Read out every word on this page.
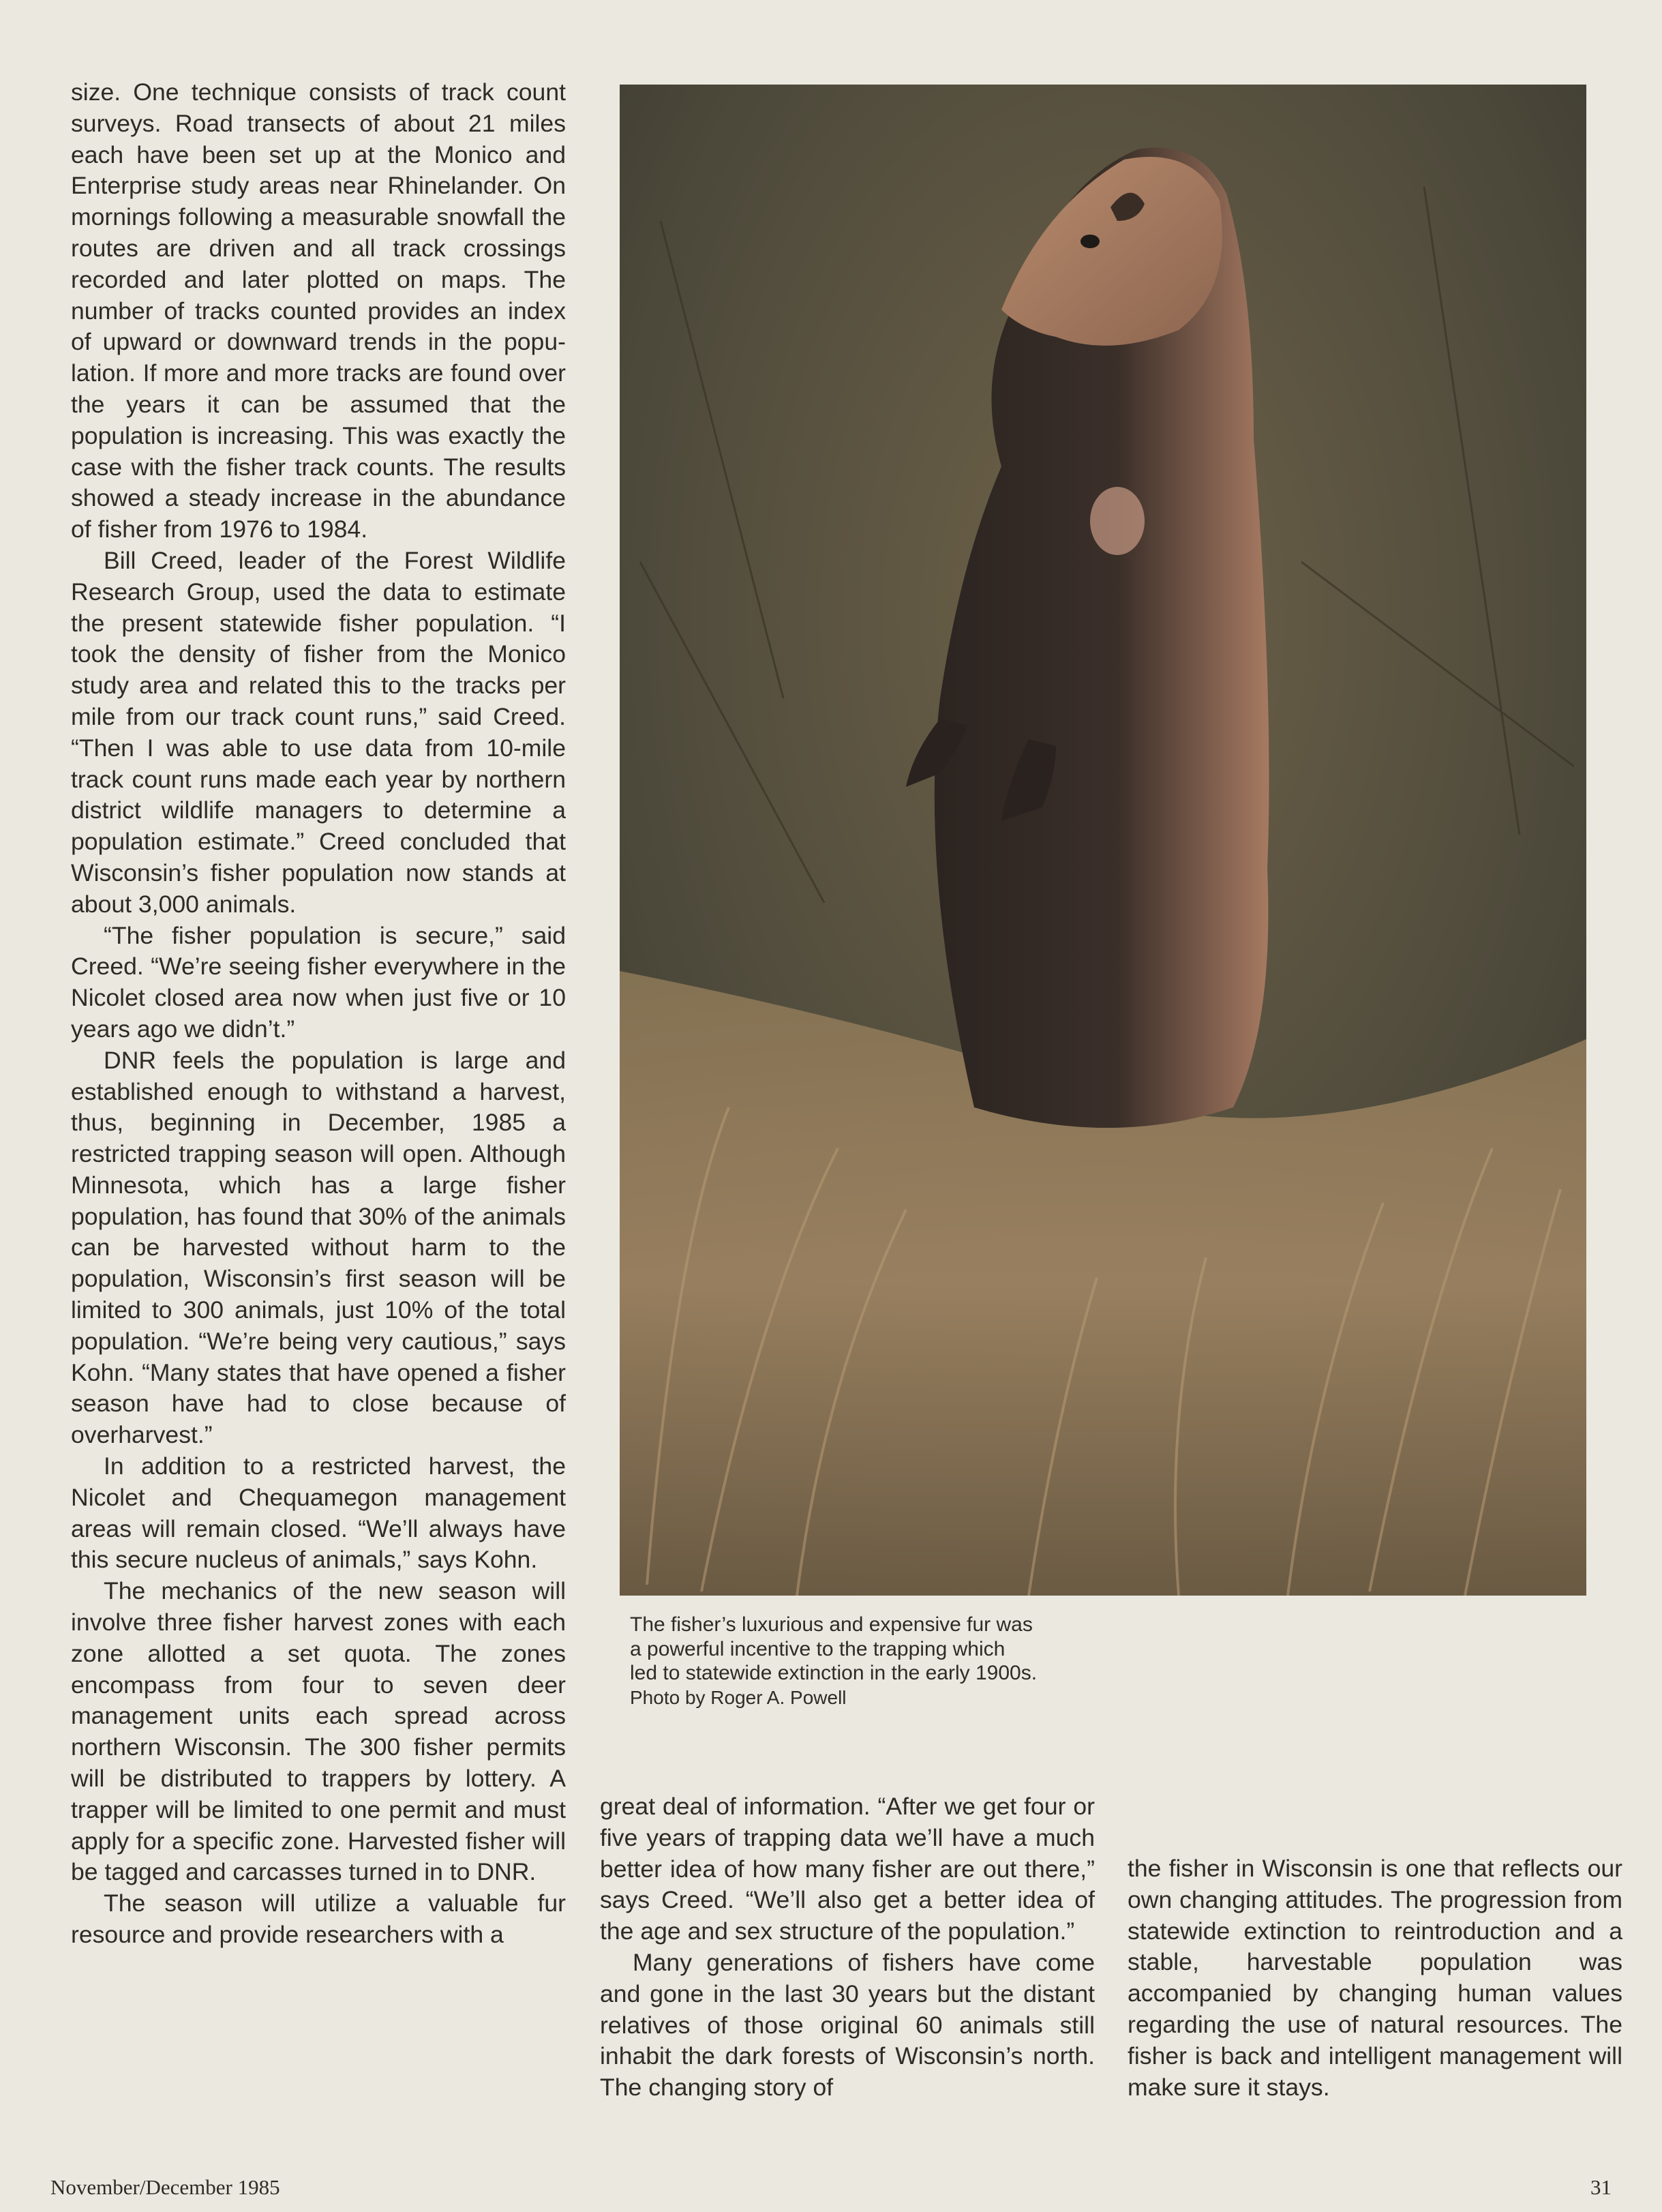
size. One technique consists of track count surveys. Road transects of about 21 miles each have been set up at the Monico and Enterprise study areas near Rhinelander. On mornings following a measurable snowfall the routes are driven and all track crossings recorded and later plotted on maps. The number of tracks counted provides an index of upward or downward trends in the population. If more and more tracks are found over the years it can be assumed that the population is increasing. This was exactly the case with the fisher track counts. The results showed a steady increase in the abundance of fisher from 1976 to 1984.

Bill Creed, leader of the Forest Wildlife Research Group, used the data to estimate the present statewide fisher population. “I took the density of fisher from the Monico study area and related this to the tracks per mile from our track count runs,” said Creed. “Then I was able to use data from 10-mile track count runs made each year by northern district wildlife managers to determine a population estimate.” Creed concluded that Wisconsin’s fisher population now stands at about 3,000 animals.

“The fisher population is secure,” said Creed. “We’re seeing fisher everywhere in the Nicolet closed area now when just five or 10 years ago we didn’t.”

DNR feels the population is large and established enough to withstand a harvest, thus, beginning in December, 1985 a restricted trapping season will open. Although Minnesota, which has a large fisher population, has found that 30% of the animals can be harvested without harm to the population, Wisconsin’s first season will be limited to 300 animals, just 10% of the total population. “We’re being very cautious,” says Kohn. “Many states that have opened a fisher season have had to close because of overharvest.”

In addition to a restricted harvest, the Nicolet and Chequamegon management areas will remain closed. “We’ll always have this secure nucleus of animals,” says Kohn.

The mechanics of the new season will involve three fisher harvest zones with each zone allotted a set quota. The zones encompass from four to seven deer management units each spread across northern Wisconsin. The 300 fisher permits will be distributed to trappers by lottery. A trapper will be limited to one permit and must apply for a specific zone. Harvested fisher will be tagged and carcasses turned in to DNR.

The season will utilize a valuable fur resource and provide researchers with a

The fisher’s luxurious and expensive fur was
a powerful incentive to the trapping which
led to statewide extinction in the early 1900s.
Photo by Roger A. Powell

great deal of information. “After we get four or five years of trapping data we’ll have a much better idea of how many fisher are out there,” says Creed. “We’ll also get a better idea of the age and sex structure of the population.”

Many generations of fishers have come and gone in the last 30 years but the distant relatives of those original 60 animals still inhabit the dark forests of Wisconsin’s north. The changing story of

the fisher in Wisconsin is one that reflects our own changing attitudes. The progression from statewide extinction to reintroduction and a stable, harvestable population was accompanied by changing human values regarding the use of natural resources. The fisher is back and intelligent management will make sure it stays.

November/December 1985	31
